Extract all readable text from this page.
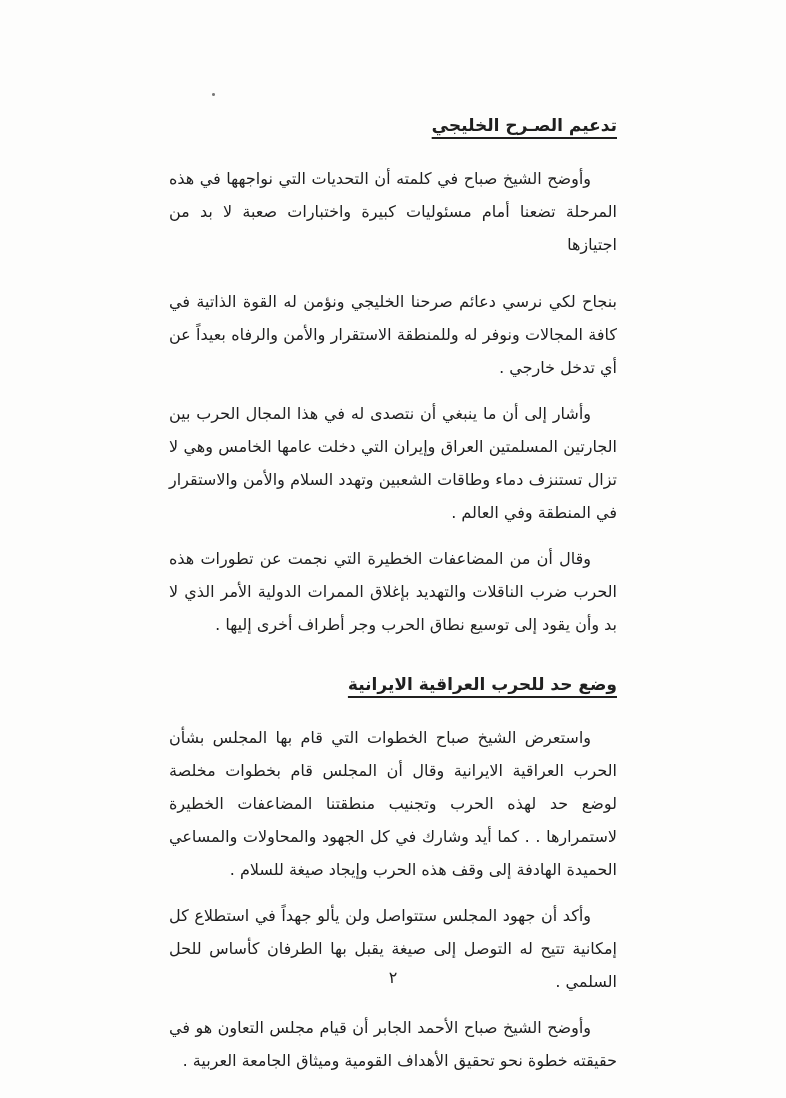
تدعيم الصـرح الخليجي

وأوضح الشيخ صباح في كلمته أن التحديات التي نواجهها في هذه المرحلة تضعنا أمام مسئوليات كبيرة واختبارات صعبة لا بد من اجتيازها

بنجاح لكي نرسي دعائم صرحنا الخليجي ونؤمن له القوة الذاتية في كافة المجالات ونوفر له وللمنطقة الاستقرار والأمن والرفاه بعيداً عن أي تدخل خارجي .

وأشار إلى أن ما ينبغي أن نتصدى له في هذا المجال الحرب بين الجارتين المسلمتين العراق وإيران التي دخلت عامها الخامس وهي لا تزال تستنزف دماء وطاقات الشعبين وتهدد السلام والأمن والاستقرار في المنطقة وفي العالم .

وقال أن من المضاعفات الخطيرة التي نجمت عن تطورات هذه الحرب ضرب الناقلات والتهديد بإغلاق الممرات الدولية الأمر الذي لا بد وأن يقود إلى توسيع نطاق الحرب وجر أطراف أخرى إليها .

وضع حد للحرب العراقية الايرانية

واستعرض الشيخ صباح الخطوات التي قام بها المجلس بشأن الحرب العراقية الايرانية وقال أن المجلس قام بخطوات مخلصة لوضع حد لهذه الحرب وتجنيب منطقتنا المضاعفات الخطيرة لاستمرارها . . كما أيد وشارك في كل الجهود والمحاولات والمساعي الحميدة الهادفة إلى وقف هذه الحرب وإيجاد صيغة للسلام .

وأكد أن جهود المجلس ستتواصل ولن يألو جهداً في استطلاع كل إمكانية تتيح له التوصل إلى صيغة يقبل بها الطرفان كأساس للحل السلمي .

وأوضح الشيخ صباح الأحمد الجابر أن قيام مجلس التعاون هو في حقيقته خطوة نحو تحقيق الأهداف القومية وميثاق الجامعة العربية .

٢
